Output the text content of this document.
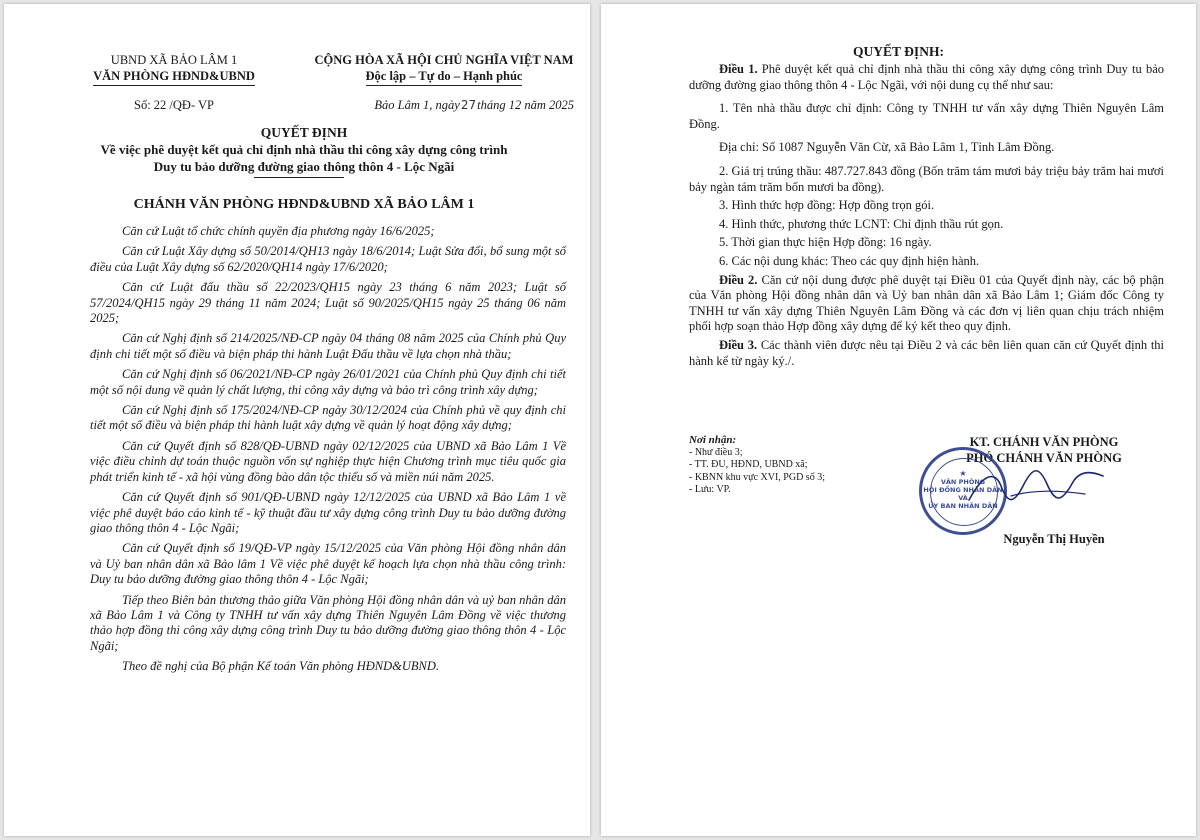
UBND XÃ BẢO LÂM 1
VĂN PHÒNG HĐND&UBND
CỘNG HÒA XÃ HỘI CHỦ NGHĨA VIỆT NAM
Độc lập – Tự do – Hạnh phúc
Số: 22 /QĐ- VP	Bảo Lâm 1, ngày27tháng 12 năm 2025
QUYẾT ĐỊNH
Về việc phê duyệt kết quả chỉ định nhà thầu thi công xây dựng công trình
Duy tu bảo dưỡng đường giao thông thôn 4 - Lộc Ngãi
CHÁNH VĂN PHÒNG HĐND&UBND XÃ BẢO LÂM 1

Căn cứ Luật tổ chức chính quyền địa phương ngày 16/6/2025;

Căn cứ Luật Xây dựng số 50/2014/QH13 ngày 18/6/2014; Luật Sửa đổi, bổ sung một số điều của Luật Xây dựng số 62/2020/QH14 ngày 17/6/2020;

Căn cứ Luật đấu thầu số 22/2023/QH15 ngày 23 tháng 6 năm 2023; Luật số 57/2024/QH15 ngày 29 tháng 11 năm 2024; Luật số 90/2025/QH15 ngày 25 tháng 06 năm 2025;

Căn cứ Nghị định số 214/2025/NĐ-CP ngày 04 tháng 08 năm 2025 của Chính phủ Quy định chi tiết một số điều và biện pháp thi hành Luật Đấu thầu về lựa chọn nhà thầu;

Căn cứ Nghị định số 06/2021/NĐ-CP ngày 26/01/2021 của Chính phủ Quy định chi tiết một số nội dung về quản lý chất lượng, thi công xây dựng và bảo trì công trình xây dựng;

Căn cứ Nghị định số 175/2024/NĐ-CP ngày 30/12/2024 của Chính phủ về quy định chi tiết một số điều và biện pháp thi hành luật xây dựng về quản lý hoạt động xây dựng;

Căn cứ Quyết định số 828/QĐ-UBND ngày 02/12/2025 của UBND xã Bảo Lâm 1 Về việc điều chỉnh dự toán thuộc nguồn vốn sự nghiệp thực hiện Chương trình mục tiêu quốc gia phát triển kinh tế - xã hội vùng đồng bào dân tộc thiểu số và miền núi năm 2025.

Căn cứ Quyết định số 901/QĐ-UBND ngày 12/12/2025 của UBND xã Bảo Lâm 1 về việc phê duyệt báo cáo kinh tế - kỹ thuật đầu tư xây dựng công trình Duy tu bảo dưỡng đường giao thông thôn 4 - Lộc Ngãi;

Căn cứ Quyết định số 19/QĐ-VP ngày 15/12/2025 của Văn phòng Hội đồng nhân dân và Uỷ ban nhân dân xã Bảo lâm 1 Về việc phê duyệt kế hoạch lựa chọn nhà thầu công trình: Duy tu bảo dưỡng đường giao thông thôn 4 - Lộc Ngãi;

Tiếp theo Biên bản thương thảo giữa Văn phòng Hội đồng nhân dân và uỷ ban nhân dân xã Bảo Lâm 1 và Công ty TNHH tư vấn xây dựng Thiên Nguyên Lâm Đồng về việc thương thảo hợp đồng thi công xây dựng công trình Duy tu bảo dưỡng đường giao thông thôn 4 - Lộc Ngãi;

Theo đề nghị của Bộ phận Kế toán Văn phòng HĐND&UBND.

QUYẾT ĐỊNH:

Điều 1. Phê duyệt kết quả chỉ định nhà thầu thi công xây dựng công trình Duy tu bảo dưỡng đường giao thông thôn 4 - Lộc Ngãi, với nội dung cụ thể như sau:

1. Tên nhà thầu được chỉ định: Công ty TNHH tư vấn xây dựng Thiên Nguyên Lâm Đồng.

Địa chỉ: Số 1087 Nguyễn Văn Cừ, xã Bảo Lâm 1, Tỉnh Lâm Đồng.

2. Giá trị trúng thầu: 487.727.843 đồng (Bốn trăm tám mươi bảy triệu bảy trăm hai mươi bảy ngàn tám trăm bốn mươi ba đồng).

3. Hình thức hợp đồng: Hợp đồng trọn gói.

4. Hình thức, phương thức LCNT: Chỉ định thầu rút gọn.

5. Thời gian thực hiện Hợp đồng: 16 ngày.

6. Các nội dung khác: Theo các quy định hiện hành.

Điều 2. Căn cứ nội dung được phê duyệt tại Điều 01 của Quyết định này, các bộ phận của Văn phòng Hội đồng nhân dân và Uỷ ban nhân dân xã Bảo Lâm 1; Giám đốc Công ty TNHH tư vấn xây dựng Thiên Nguyên Lâm Đồng và các đơn vị liên quan chịu trách nhiệm phối hợp soạn thảo Hợp đồng xây dựng để ký kết theo quy định.

Điều 3. Các thành viên được nêu tại Điều 2 và các bên liên quan căn cứ Quyết định thi hành kể từ ngày ký./.

Nơi nhận:
- Như điều 3;
- TT. ĐU, HĐND, UBND xã;
- KBNN khu vực XVI, PGD số 3;
- Lưu: VP.
KT. CHÁNH VĂN PHÒNG
PHÓ CHÁNH VĂN PHÒNG
★
VĂN PHÒNG
HỘI ĐỒNG NHÂN DÂN
VÀ
ỦY BAN NHÂN DÂN
Nguyễn Thị Huyền
